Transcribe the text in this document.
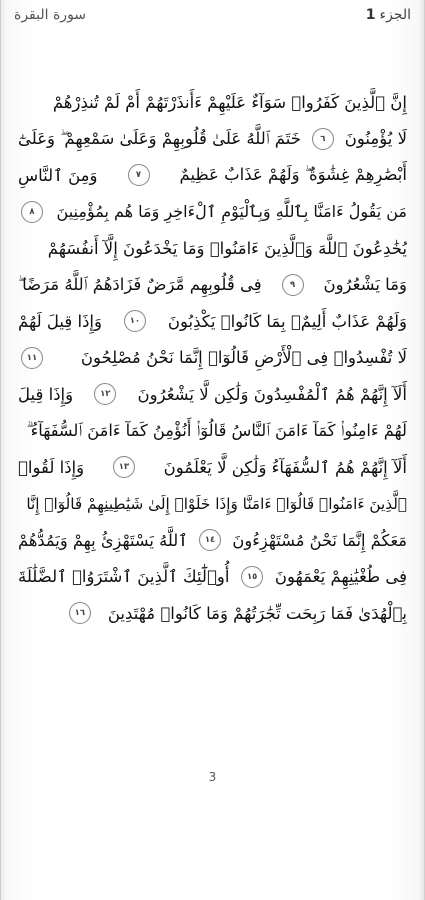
سورة البقرة	1 الجزء
إِنَّ ٱلَّذِينَ كَفَرُوا۟ سَوَآءٌ عَلَيْهِمْ ءَأَنذَرْتَهُمْ أَمْ لَمْ تُنذِرْهُمْ
لَا يُؤْمِنُونَ
٦
خَتَمَ ٱللَّهُ عَلَىٰ قُلُوبِهِمْ وَعَلَىٰ سَمْعِهِمْ ۖ وَعَلَىٰٓ
أَبْصَٰرِهِمْ غِشَٰوَةٌ ۖ وَلَهُمْ عَذَابٌ عَظِيمٌ
٧
وَمِنَ ٱلنَّاسِ
مَن يَقُولُ ءَامَنَّا بِٱللَّهِ وَبِٱلْيَوْمِ ٱلْءَاخِرِ وَمَا هُم بِمُؤْمِنِينَ
٨
يُخَٰدِعُونَ ٱللَّهَ وَٱلَّذِينَ ءَامَنُوا۟ وَمَا يَخْدَعُونَ إِلَّآ أَنفُسَهُمْ
وَمَا يَشْعُرُونَ
٩
فِى قُلُوبِهِم مَّرَضٌ فَزَادَهُمُ ٱللَّهُ مَرَضًا ۖ
وَلَهُمْ عَذَابٌ أَلِيمٌۢ بِمَا كَانُوا۟ يَكْذِبُونَ
١٠
وَإِذَا قِيلَ لَهُمْ
لَا تُفْسِدُوا۟ فِى ٱلْأَرْضِ قَالُوٓا۟ إِنَّمَا نَحْنُ مُصْلِحُونَ
١١
أَلَآ إِنَّهُمْ هُمُ ٱلْمُفْسِدُونَ وَلَٰكِن لَّا يَشْعُرُونَ
١٢
وَإِذَا قِيلَ
لَهُمْ ءَامِنُوا۟ كَمَآ ءَامَنَ ٱلنَّاسُ قَالُوٓا۟ أَنُؤْمِنُ كَمَآ ءَامَنَ ٱلسُّفَهَآءُ ۗ
أَلَآ إِنَّهُمْ هُمُ ٱلسُّفَهَآءُ وَلَٰكِن لَّا يَعْلَمُونَ
١٣
وَإِذَا لَقُوا۟
ٱلَّذِينَ ءَامَنُوا۟ قَالُوٓا۟ ءَامَنَّا وَإِذَا خَلَوْا۟ إِلَىٰ شَيَٰطِينِهِمْ قَالُوٓا۟ إِنَّا
مَعَكُمْ إِنَّمَا نَحْنُ مُسْتَهْزِءُونَ
١٤
ٱللَّهُ يَسْتَهْزِئُ بِهِمْ وَيَمُدُّهُمْ
فِى طُغْيَٰنِهِمْ يَعْمَهُونَ
١٥
أُو۟لَٰٓئِكَ ٱلَّذِينَ ٱشْتَرَوُا۟ ٱلضَّلَٰلَةَ
بِٱلْهُدَىٰ فَمَا رَبِحَت تِّجَٰرَتُهُمْ وَمَا كَانُوا۟ مُهْتَدِينَ
١٦
3
